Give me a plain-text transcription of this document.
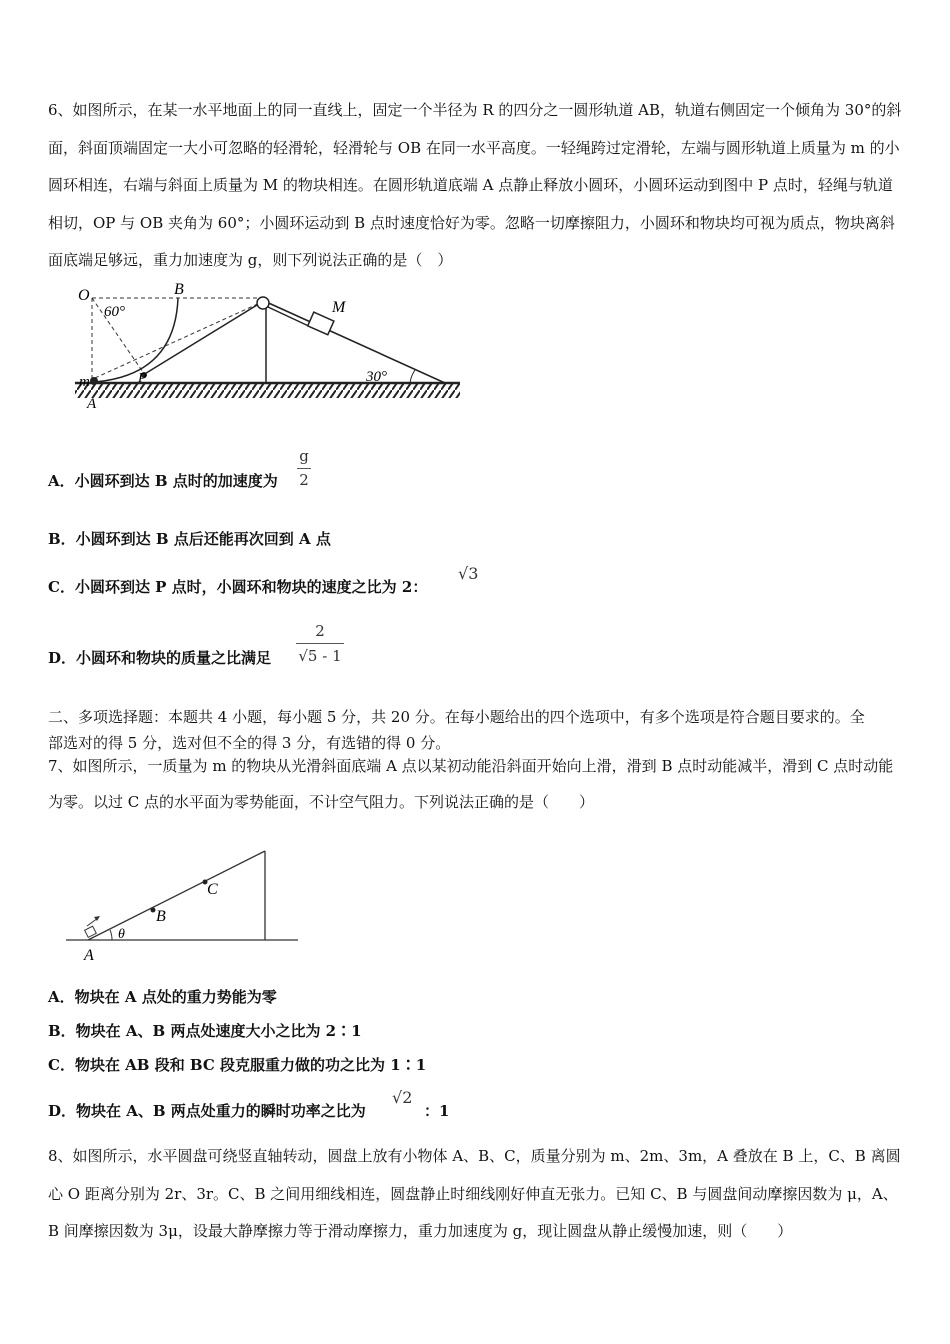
6、如图所示，在某一水平地面上的同一直线上，固定一个半径为 R 的四分之一圆形轨道 AB，轨道右侧固定一个倾角为 30°的斜面，斜面顶端固定一大小可忽略的轻滑轮，轻滑轮与 OB 在同一水平高度。一轻绳跨过定滑轮，左端与圆形轨道上质量为 m 的小圆环相连，右端与斜面上质量为 M 的物块相连。在圆形轨道底端 A 点静止释放小圆环，小圆环运动到图中 P 点时，轻绳与轨道相切，OP 与 OB 夹角为 60°；小圆环运动到 B 点时速度恰好为零。忽略一切摩擦阻力，小圆环和物块均可视为质点，物块离斜面底端足够远，重力加速度为 g，则下列说法正确的是（　）
O
60°
B
M
P
m
A
30°
A．小圆环到达 B 点时的加速度为
g
2
B．小圆环到达 B 点后还能再次回到 A 点
C．小圆环到达 P 点时，小圆环和物块的速度之比为 2：
√3
D．小圆环和物块的质量之比满足
2
√5 - 1
二、多项选择题：本题共 4 小题，每小题 5 分，共 20 分。在每小题给出的四个选项中，有多个选项是符合题目要求的。全
部选对的得 5 分，选对但不全的得 3 分，有选错的得 0 分。
7、如图所示，一质量为 m 的物块从光滑斜面底端 A 点以某初动能沿斜面开始向上滑，滑到 B 点时动能减半，滑到 C 点时动能为零。以过 C 点的水平面为零势能面，不计空气阻力。下列说法正确的是（　　）
C
B
θ
A
A．物块在 A 点处的重力势能为零
B．物块在 A、B 两点处速度大小之比为 2∶1
C．物块在 AB 段和 BC 段克服重力做的功之比为 1∶1
D．物块在 A、B 两点处重力的瞬时功率之比为
√2
：1
8、如图所示，水平圆盘可绕竖直轴转动，圆盘上放有小物体 A、B、C，质量分别为 m、2m、3m，A 叠放在 B 上，C、B 离圆心 O 距离分别为 2r、3r。C、B 之间用细线相连，圆盘静止时细线刚好伸直无张力。已知 C、B 与圆盘间动摩擦因数为 μ，A、B 间摩擦因数为 3μ，设最大静摩擦力等于滑动摩擦力，重力加速度为 g，现让圆盘从静止缓慢加速，则（　　）
